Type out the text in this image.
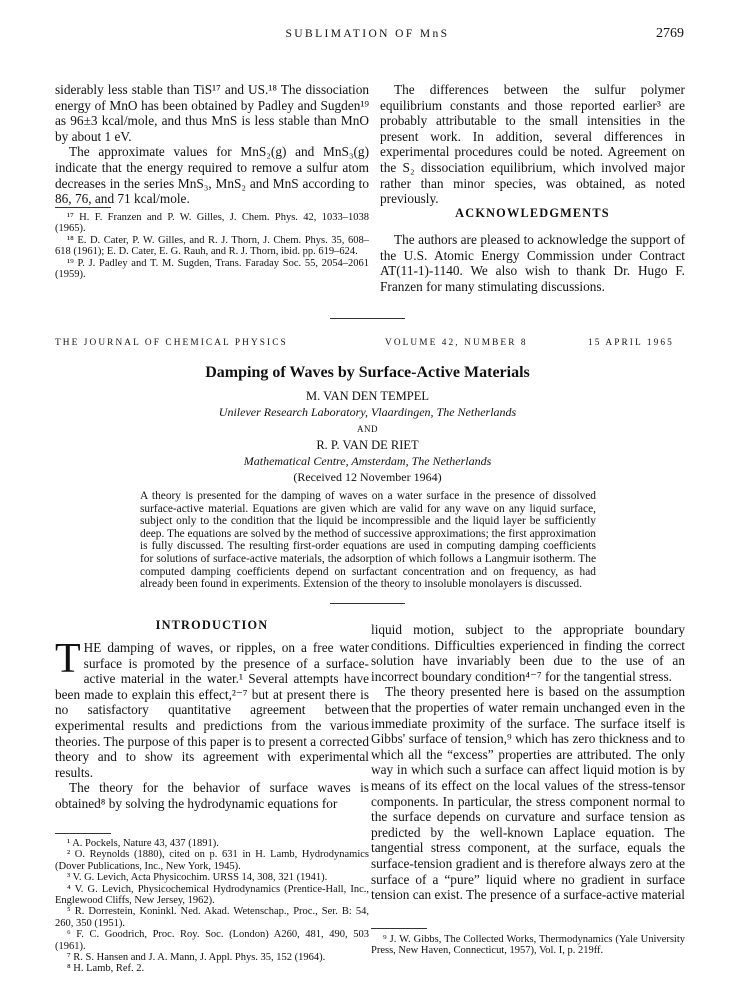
SUBLIMATION OF MnS	2769

siderably less stable than TiS¹⁷ and US.¹⁸ The dissociation energy of MnO has been obtained by Padley and Sugden¹⁹ as 96±3 kcal/mole, and thus MnS is less stable than MnO by about 1 eV.

The approximate values for MnS₂(g) and MnS₃(g) indicate that the energy required to remove a sulfur atom decreases in the series MnS₃, MnS₂ and MnS according to 86, 76, and 71 kcal/mole.

¹⁷ H. F. Franzen and P. W. Gilles, J. Chem. Phys. 42, 1033–1038 (1965).
¹⁸ E. D. Cater, P. W. Gilles, and R. J. Thorn, J. Chem. Phys. 35, 608–618 (1961); E. D. Cater, E. G. Rauh, and R. J. Thorn, ibid. pp. 619–624.
¹⁹ P. J. Padley and T. M. Sugden, Trans. Faraday Soc. 55, 2054–2061 (1959).

The differences between the sulfur polymer equilibrium constants and those reported earlier³ are probably attributable to the small intensities in the present work. In addition, several differences in experimental procedures could be noted. Agreement on the S₂ dissociation equilibrium, which involved major rather than minor species, was obtained, as noted previously.

ACKNOWLEDGMENTS

The authors are pleased to acknowledge the support of the U.S. Atomic Energy Commission under Contract AT(11-1)-1140. We also wish to thank Dr. Hugo F. Franzen for many stimulating discussions.

THE JOURNAL OF CHEMICAL PHYSICS	VOLUME 42, NUMBER 8	15 APRIL 1965
Damping of Waves by Surface-Active Materials
M. VAN DEN TEMPEL
Unilever Research Laboratory, Vlaardingen, The Netherlands
AND
R. P. VAN DE RIET
Mathematical Centre, Amsterdam, The Netherlands
(Received 12 November 1964)
A theory is presented for the damping of waves on a water surface in the presence of dissolved surface-active material. Equations are given which are valid for any wave on any liquid surface, subject only to the condition that the liquid be incompressible and the liquid layer be sufficiently deep. The equations are solved by the method of successive approximations; the first approximation is fully discussed. The resulting first-order equations are used in computing damping coefficients for solutions of surface-active materials, the adsorption of which follows a Langmuir isotherm. The computed damping coefficients depend on surfactant concentration and on frequency, as had already been found in experiments. Extension of the theory to insoluble monolayers is discussed.
INTRODUCTION

THE damping of waves, or ripples, on a free water surface is promoted by the presence of a surface-active material in the water.¹ Several attempts have been made to explain this effect,²⁻⁷ but at present there is no satisfactory quantitative agreement between experimental results and predictions from the various theories. The purpose of this paper is to present a corrected theory and to show its agreement with experimental results.

The theory for the behavior of surface waves is obtained⁸ by solving the hydrodynamic equations for

¹ A. Pockels, Nature 43, 437 (1891).
² O. Reynolds (1880), cited on p. 631 in H. Lamb, Hydrodynamics (Dover Publications, Inc., New York, 1945).
³ V. G. Levich, Acta Physicochim. URSS 14, 308, 321 (1941).
⁴ V. G. Levich, Physicochemical Hydrodynamics (Prentice-Hall, Inc., Englewood Cliffs, New Jersey, 1962).
⁵ R. Dorrestein, Koninkl. Ned. Akad. Wetenschap., Proc., Ser. B: 54, 260, 350 (1951).
⁶ F. C. Goodrich, Proc. Roy. Soc. (London) A260, 481, 490, 503 (1961).
⁷ R. S. Hansen and J. A. Mann, J. Appl. Phys. 35, 152 (1964).
⁸ H. Lamb, Ref. 2.

liquid motion, subject to the appropriate boundary conditions. Difficulties experienced in finding the correct solution have invariably been due to the use of an incorrect boundary condition⁴⁻⁷ for the tangential stress.

The theory presented here is based on the assumption that the properties of water remain unchanged even in the immediate proximity of the surface. The surface itself is Gibbs' surface of tension,⁹ which has zero thickness and to which all the “excess” properties are attributed. The only way in which such a surface can affect liquid motion is by means of its effect on the local values of the stress-tensor components. In particular, the stress component normal to the surface depends on curvature and surface tension as predicted by the well-known Laplace equation. The tangential stress component, at the surface, equals the surface-tension gradient and is therefore always zero at the surface of a “pure” liquid where no gradient in surface tension can exist. The presence of a surface-active material

⁹ J. W. Gibbs, The Collected Works, Thermodynamics (Yale University Press, New Haven, Connecticut, 1957), Vol. I, p. 219ff.
